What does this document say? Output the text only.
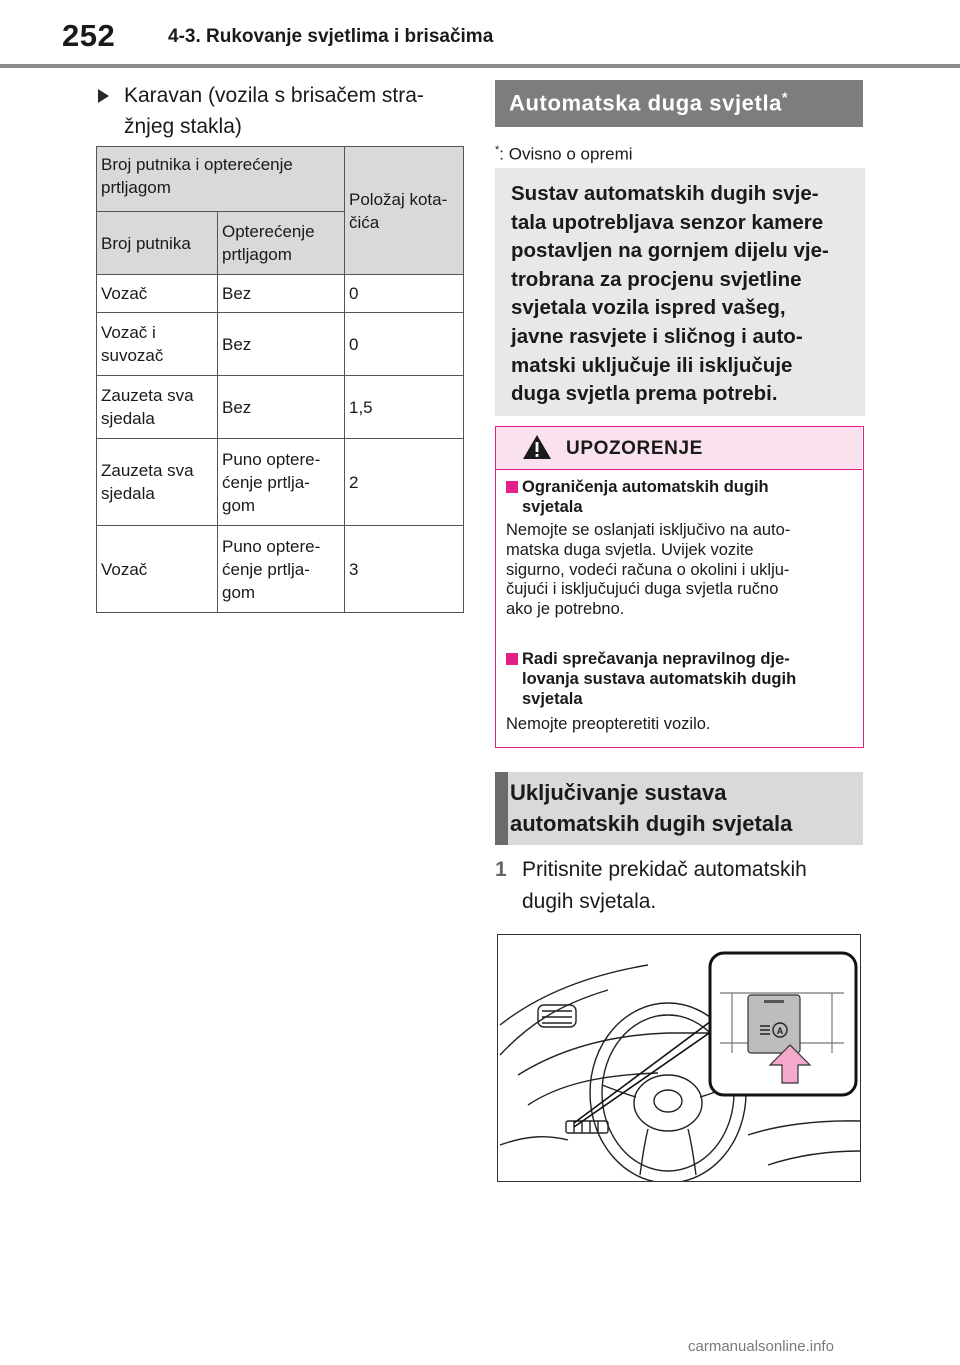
252	4-3. Rukovanje svjetlima i brisačima
Karavan (vozila s brisačem stra-
žnjeg stakla)
Broj putnika i opterećenje prtljagom		Položaj kota-
čića
Broj putnika	Opterećenje prtljagom	
Vozač	Bez	0
Vozač i
suvozač	Bez	0
Zauzeta sva
sjedala	Bez	1,5
Zauzeta sva
sjedala	Puno optere-
ćenje prtlja-
gom	2
Vozač	Puno optere-
ćenje prtlja-
gom	3
Automatska duga svjetla*
*: Ovisno o opremi
Sustav automatskih dugih svje-
tala upotrebljava senzor kamere
postavljen na gornjem dijelu vje-
trobrana za procjenu svjetline
svjetala vozila ispred vašeg,
javne rasvjete i sličnog i auto-
matski uključuje ili isključuje
duga svjetla prema potrebi.
UPOZORENJE
Ograničenja automatskih dugih
svjetala
Nemojte se oslanjati isključivo na auto-
matska duga svjetla. Uvijek vozite
sigurno, vodeći računa o okolini i uklju-
čujući i isključujući duga svjetla ručno
ako je potrebno.
Radi sprečavanja nepravilnog dje-
lovanja sustava automatskih dugih
svjetala
Nemojte preopteretiti vozilo.
Uključivanje sustava
automatskih dugih svjetala
1 Pritisnite prekidač automatskih
dugih svjetala.
A
carmanualsonline.info
